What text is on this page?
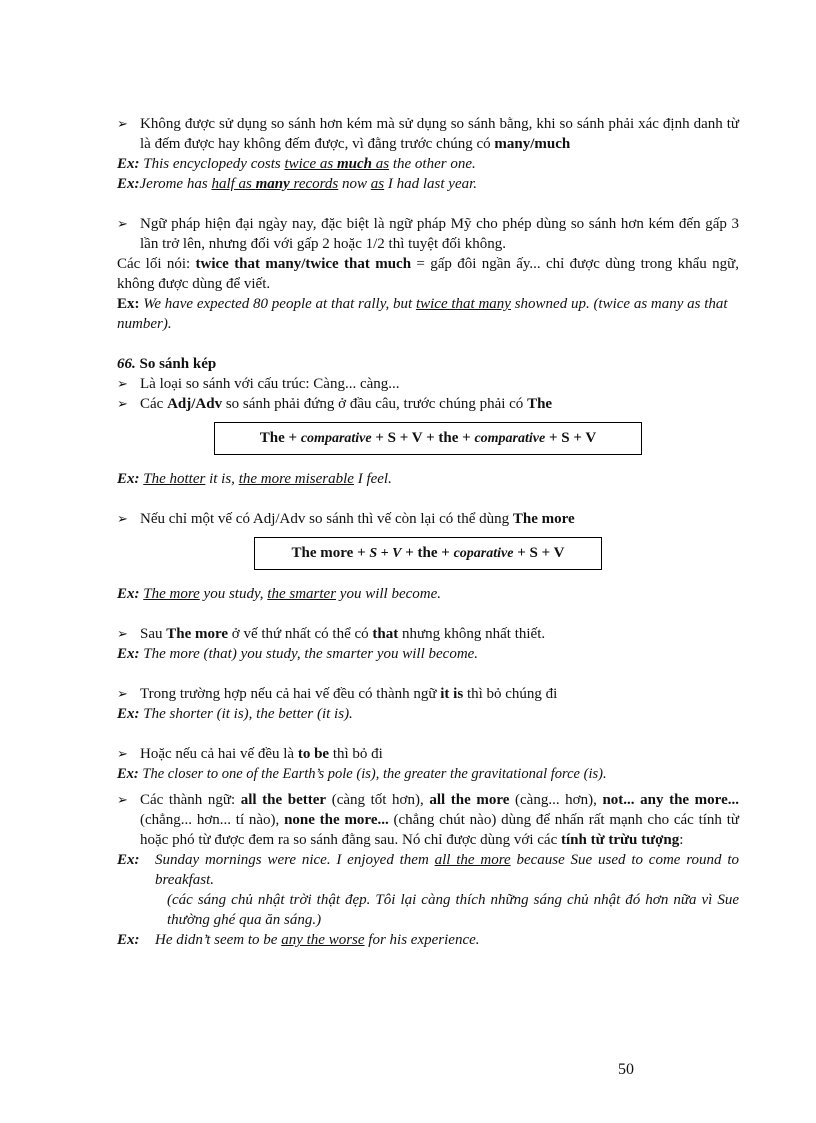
➢ Không được sử dụng so sánh hơn kém mà sử dụng so sánh bằng, khi so sánh phải xác định danh từ là đếm được hay không đếm được, vì đằng trước chúng có many/much
Ex: This encyclopedy costs twice as much as the other one.
Ex:Jerome has half as many records now as I had last year.
➢ Ngữ pháp hiện đại ngày nay, đặc biệt là ngữ pháp Mỹ cho phép dùng so sánh hơn kém đến gấp 3 lần trở lên, nhưng đối với gấp 2 hoặc 1/2 thì tuyệt đối không.
Các lối nói: twice that many/twice that much = gấp đôi ngần ấy... chỉ được dùng trong khẩu ngữ, không được dùng để viết.
Ex: We have expected 80 people at that rally, but twice that many showned up. (twice as many as that number).
66. So sánh kép
➢ Là loại so sánh với cấu trúc: Càng... càng...
➢ Các Adj/Adv so sánh phải đứng ở đầu câu, trước chúng phải có The
The + comparative + S + V + the + comparative + S + V
Ex: The hotter it is, the more miserable I feel.
➢ Nếu chỉ một vế có Adj/Adv so sánh thì vế còn lại có thể dùng The more
The more + S + V + the + coparative + S + V
Ex: The more you study, the smarter you will become.
➢ Sau The more ở vế thứ nhất có thể có that nhưng không nhất thiết.
Ex: The more (that) you study, the smarter you will become.
➢ Trong trường hợp nếu cả hai vế đều có thành ngữ it is thì bỏ chúng đi
Ex: The shorter (it is), the better (it is).
➢ Hoặc nếu cả hai vế đều là to be thì bỏ đi
Ex: The closer to one of the Earth’s pole (is), the greater the gravitational force (is).
➢ Các thành ngữ: all the better (càng tốt hơn), all the more (càng... hơn), not... any the more... (chẳng... hơn... tí nào), none the more... (chẳng chút nào) dùng để nhấn rất mạnh cho các tính từ hoặc phó từ được đem ra so sánh đằng sau. Nó chỉ được dùng với các tính từ trừu tượng:
Ex:	Sunday mornings were nice. I enjoyed them all the more because Sue used to come round to breakfast.
(các sáng chủ nhật trời thật đẹp. Tôi lại càng thích những sáng chủ nhật đó hơn nữa vì Sue thường ghé qua ăn sáng.)
Ex:	He didn’t seem to be any the worse for his experience.
50
